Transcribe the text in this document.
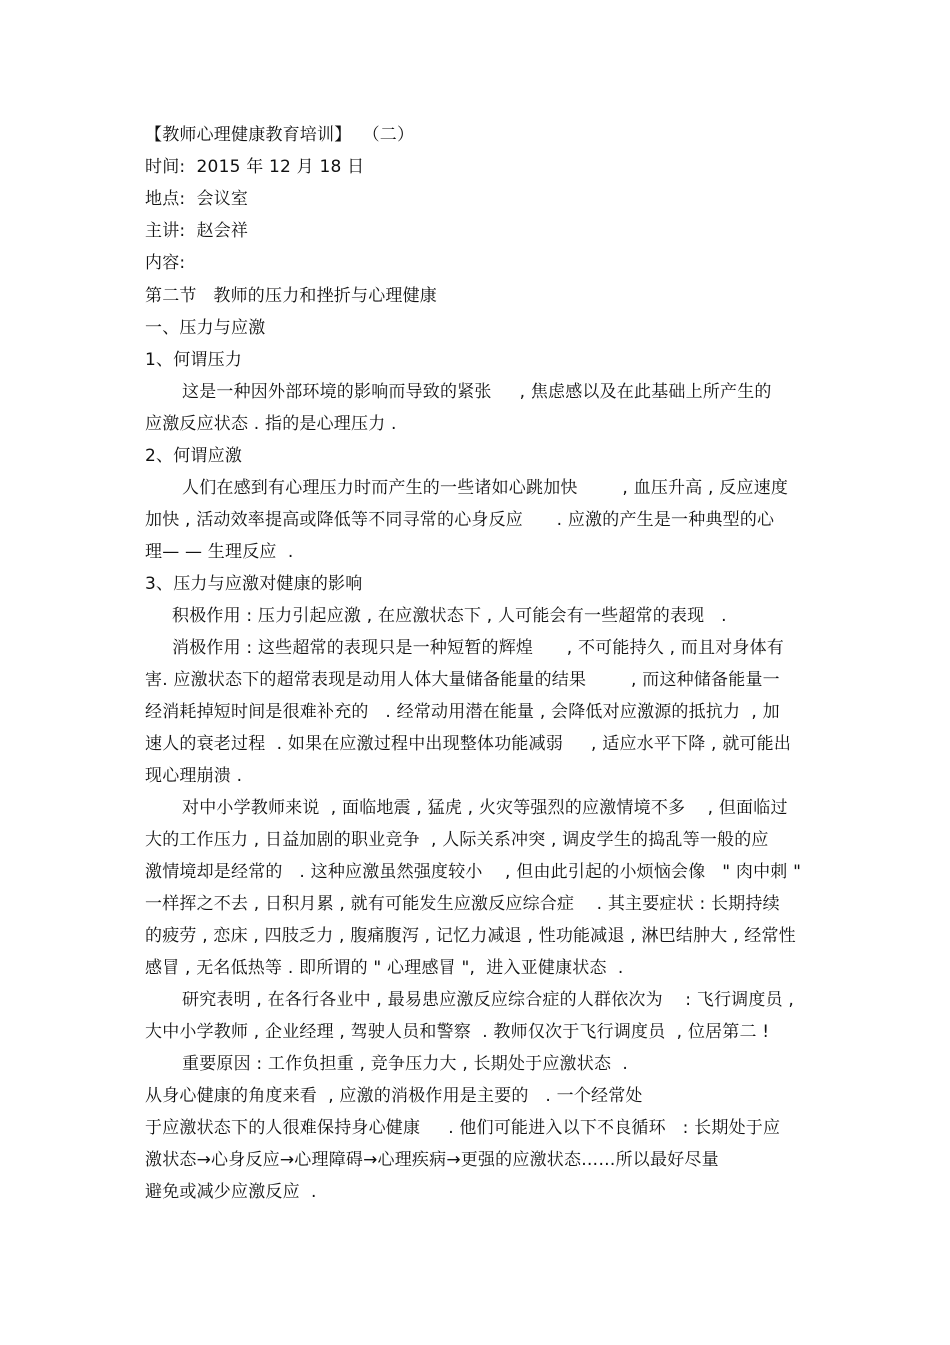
【教师心理健康教育培训】  （二）
时间:  2015 年 12 月 18 日
地点:  会议室
主讲:  赵会祥
内容:
第二节   教师的压力和挫折与心理健康
一、压力与应激
1、何谓压力
这是一种因外部环境的影响而导致的紧张     , 焦虑感以及在此基础上所产生的
应激反应状态 . 指的是心理压力 .
2、何谓应激
人们在感到有心理压力时而产生的一些诸如心跳加快        , 血压升高 , 反应速度
加快 , 活动效率提高或降低等不同寻常的心身反应      . 应激的产生是一种典型的心
理— — 生理反应  .
3、压力与应激对健康的影响
积极作用 : 压力引起应激 , 在应激状态下 , 人可能会有一些超常的表现   .
消极作用 : 这些超常的表现只是一种短暂的辉煌      , 不可能持久 , 而且对身体有
害. 应激状态下的超常表现是动用人体大量储备能量的结果        , 而这种储备能量一
经消耗掉短时间是很难补充的   . 经常动用潜在能量 , 会降低对应激源的抵抗力  , 加
速人的衰老过程  . 如果在应激过程中出现整体功能减弱     , 适应水平下降 , 就可能出
现心理崩溃 .
对中小学教师来说  , 面临地震 , 猛虎 , 火灾等强烈的应激情境不多    , 但面临过
大的工作压力 , 日益加剧的职业竞争  , 人际关系冲突 , 调皮学生的捣乱等一般的应
激情境却是经常的   . 这种应激虽然强度较小    , 但由此引起的小烦恼会像   " 肉中刺 "
一样挥之不去 , 日积月累 , 就有可能发生应激反应综合症    . 其主要症状 : 长期持续
的疲劳 , 恋床 , 四肢乏力 , 腹痛腹泻 , 记忆力减退 , 性功能减退 , 淋巴结肿大 , 经常性
感冒 , 无名低热等 . 即所谓的 " 心理感冒 ",  进入亚健康状态  .
研究表明 , 在各行各业中 , 最易患应激反应综合症的人群依次为    : 飞行调度员 ,
大中小学教师 , 企业经理 , 驾驶人员和警察  . 教师仅次于飞行调度员  , 位居第二 !
重要原因 : 工作负担重 , 竞争压力大 , 长期处于应激状态  .
从身心健康的角度来看  , 应激的消极作用是主要的   . 一个经常处
于应激状态下的人很难保持身心健康     . 他们可能进入以下不良循环   : 长期处于应
激状态→心身反应→心理障碍→心理疾病→更强的应激状态……所以最好尽量
避免或减少应激反应  .
